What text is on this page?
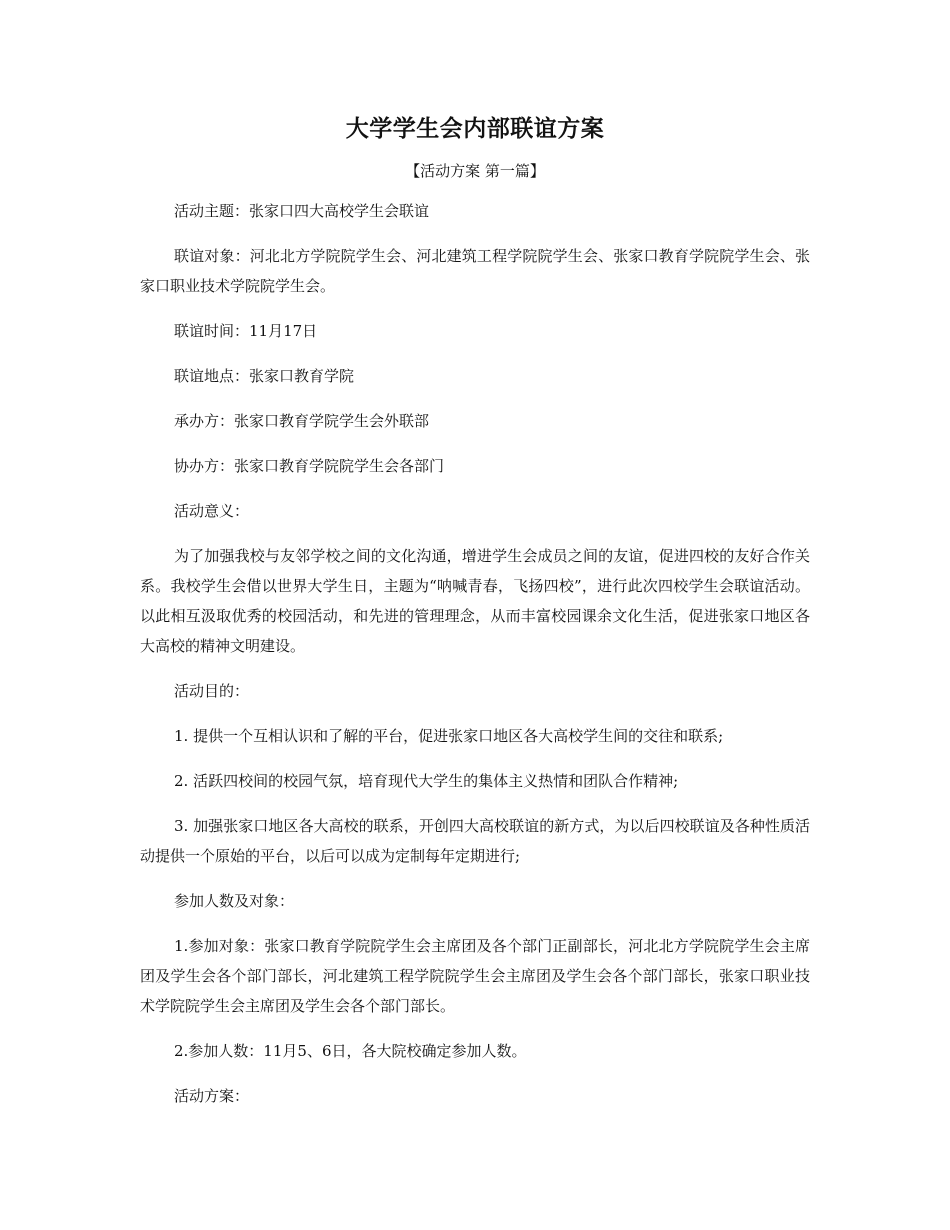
大学学生会内部联谊方案
【活动方案 第一篇】

活动主题：张家口四大高校学生会联谊

联谊对象：河北北方学院院学生会、河北建筑工程学院院学生会、张家口教育学院院学生会、张家口职业技术学院院学生会。

联谊时间：11月17日

联谊地点：张家口教育学院

承办方：张家口教育学院学生会外联部

协办方：张家口教育学院院学生会各部门

活动意义：

为了加强我校与友邻学校之间的文化沟通，增进学生会成员之间的友谊，促进四校的友好合作关系。我校学生会借以世界大学生日，主题为“呐喊青春，飞扬四校”，进行此次四校学生会联谊活动。以此相互汲取优秀的校园活动，和先进的管理理念，从而丰富校园课余文化生活，促进张家口地区各大高校的精神文明建设。

活动目的：

1. 提供一个互相认识和了解的平台，促进张家口地区各大高校学生间的交往和联系;

2. 活跃四校间的校园气氛，培育现代大学生的集体主义热情和团队合作精神;

3. 加强张家口地区各大高校的联系，开创四大高校联谊的新方式，为以后四校联谊及各种性质活动提供一个原始的平台，以后可以成为定制每年定期进行;

参加人数及对象：

1.参加对象：张家口教育学院院学生会主席团及各个部门正副部长，河北北方学院院学生会主席团及学生会各个部门部长，河北建筑工程学院院学生会主席团及学生会各个部门部长，张家口职业技术学院院学生会主席团及学生会各个部门部长。

2.参加人数：11月5、6日，各大院校确定参加人数。

活动方案：
